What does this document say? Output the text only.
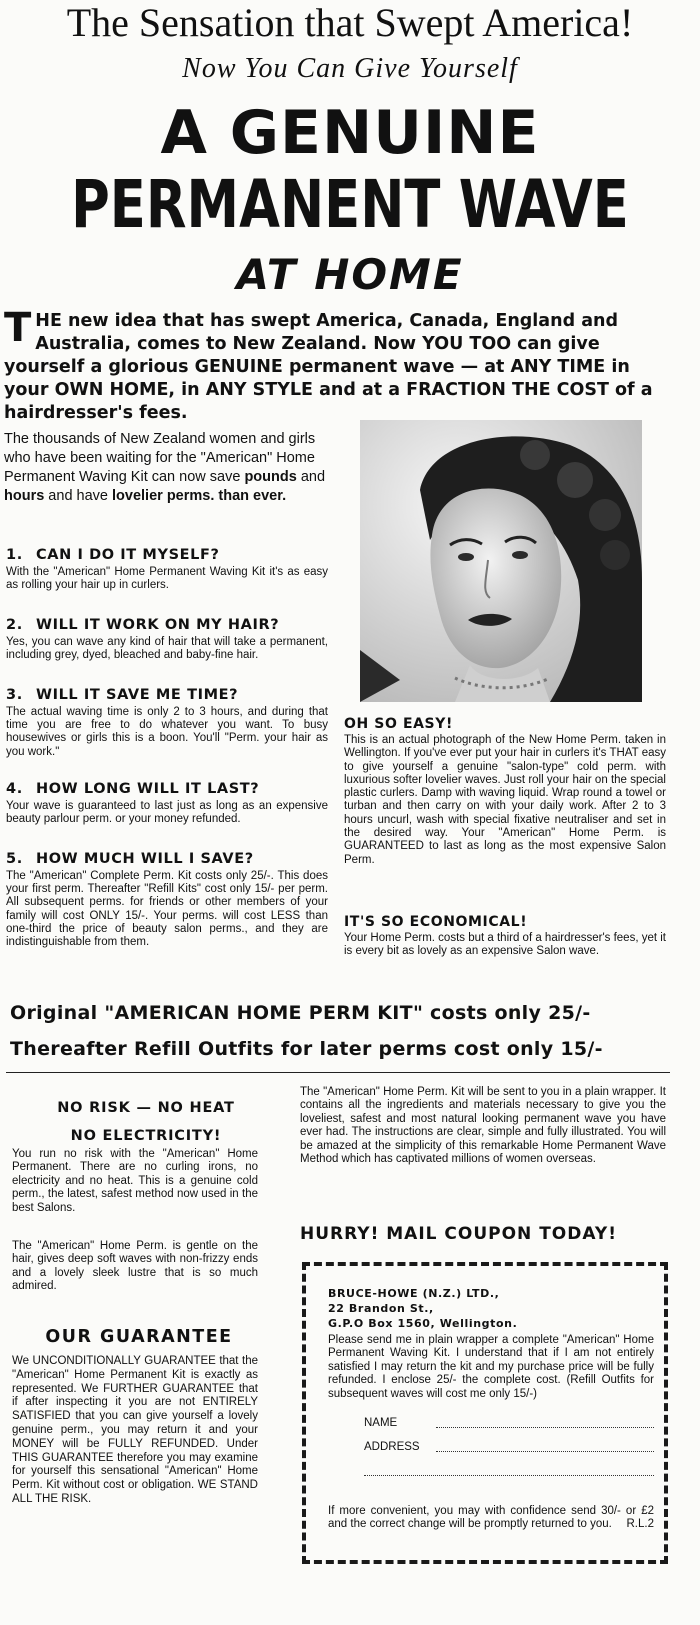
The Sensation that Swept America!
Now You Can Give Yourself
A GENUINE
PERMANENT WAVE
AT HOME
THE new idea that has swept America, Canada, England and Australia, comes to New Zealand. Now YOU TOO can give yourself a glorious GENUINE permanent wave — at ANY TIME in your OWN HOME, in ANY STYLE and at a FRACTION THE COST of a hairdresser's fees.
The thousands of New Zealand women and girls who have been waiting for the "American" Home Permanent Waving Kit can now save pounds and hours and have lovelier perms. than ever.
1. CAN I DO IT MYSELF?

With the "American" Home Permanent Waving Kit it's as easy as rolling your hair up in curlers.

2. WILL IT WORK ON MY HAIR?

Yes, you can wave any kind of hair that will take a permanent, including grey, dyed, bleached and baby-fine hair.

3. WILL IT SAVE ME TIME?

The actual waving time is only 2 to 3 hours, and during that time you are free to do whatever you want. To busy housewives or girls this is a boon. You'll "Perm. your hair as you work."

4. HOW LONG WILL IT LAST?

Your wave is guaranteed to last just as long as an expensive beauty parlour perm. or your money refunded.

5. HOW MUCH WILL I SAVE?

The "American" Complete Perm. Kit costs only 25/-. This does your first perm. Thereafter "Refill Kits" cost only 15/- per perm. All subsequent perms. for friends or other members of your family will cost ONLY 15/-. Your perms. will cost LESS than one-third the price of beauty salon perms., and they are indistinguishable from them.

OH SO EASY!

This is an actual photograph of the New Home Perm. taken in Wellington. If you've ever put your hair in curlers it's THAT easy to give yourself a genuine "salon-type" cold perm. with luxurious softer lovelier waves. Just roll your hair on the special plastic curlers. Damp with waving liquid. Wrap round a towel or turban and then carry on with your daily work. After 2 to 3 hours uncurl, wash with special fixative neutraliser and set in the desired way. Your "American" Home Perm. is GUARANTEED to last as long as the most expensive Salon Perm.

IT'S SO ECONOMICAL!

Your Home Perm. costs but a third of a hairdresser's fees, yet it is every bit as lovely as an expensive Salon wave.

Original "AMERICAN HOME PERM KIT" costs only 25/-
Thereafter Refill Outfits for later perms cost only 15/-
NO RISK — NO HEAT
NO ELECTRICITY!

You run no risk with the "American" Home Permanent. There are no curling irons, no electricity and no heat. This is a genuine cold perm., the latest, safest method now used in the best Salons.

The "American" Home Perm. is gentle on the hair, gives deep soft waves with non-frizzy ends and a lovely sleek lustre that is so much admired.

OUR GUARANTEE

We UNCONDITIONALLY GUARANTEE that the "American" Home Permanent Kit is exactly as represented. We FURTHER GUARANTEE that if after inspecting it you are not ENTIRELY SATISFIED that you can give yourself a lovely genuine perm., you may return it and your MONEY will be FULLY REFUNDED. Under THIS GUARANTEE therefore you may examine for yourself this sensational "American" Home Perm. Kit without cost or obligation. WE STAND ALL THE RISK.

The "American" Home Perm. Kit will be sent to you in a plain wrapper. It contains all the ingredients and materials necessary to give you the loveliest, safest and most natural looking permanent wave you have ever had. The instructions are clear, simple and fully illustrated. You will be amazed at the simplicity of this remarkable Home Permanent Wave Method which has captivated millions of women overseas.

HURRY! MAIL COUPON TODAY!
BRUCE-HOWE (N.Z.) LTD.,
22 Brandon St.,
G.P.O Box 1560, Wellington.

Please send me in plain wrapper a complete "American" Home Permanent Waving Kit. I understand that if I am not entirely satisfied I may return the kit and my purchase price will be fully refunded. I enclose 25/- the complete cost. (Refill Outfits for subsequent waves will cost me only 15/-)

NAME
ADDRESS

If more convenient, you may with confidence send 30/- or £2 and the correct change will be promptly returned to you. R.L.2
